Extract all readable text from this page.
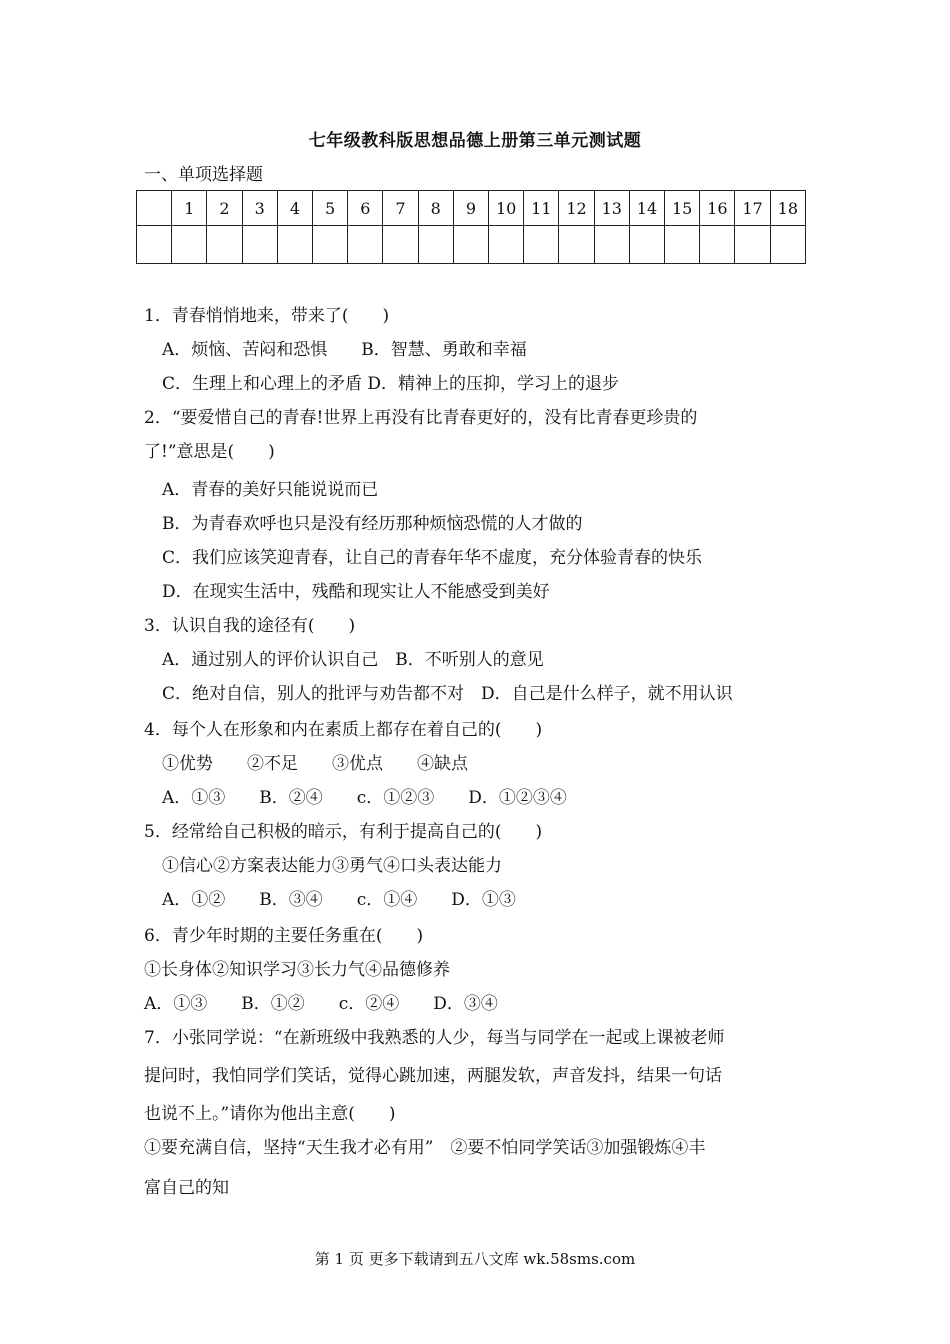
七年级教科版思想品德上册第三单元测试题
一、单项选择题
	1	2	3	4	5	6	7	8	9	10	11	12	13	14	15	16	17	18

1．青春悄悄地来，带来了(　　)
A．烦恼、苦闷和恐惧　　B．智慧、勇敢和幸福
C．生理上和心理上的矛盾 D．精神上的压抑，学习上的退步
2．“要爱惜自己的青春!世界上再没有比青春更好的，没有比青春更珍贵的
了!”意思是(　　)
A．青春的美好只能说说而已
B．为青春欢呼也只是没有经历那种烦恼恐慌的人才做的
C．我们应该笑迎青春，让自己的青春年华不虚度，充分体验青春的快乐
D．在现实生活中，残酷和现实让人不能感受到美好
3．认识自我的途径有(　　)
A．通过别人的评价认识自己　B．不听别人的意见
C．绝对自信，别人的批评与劝告都不对　D．自己是什么样子，就不用认识
4．每个人在形象和内在素质上都存在着自己的(　　)
①优势　　②不足　　③优点　　④缺点
A．①③　　B．②④　　c．①②③　　D．①②③④
5．经常给自己积极的暗示，有利于提高自己的(　　)
①信心②方案表达能力③勇气④口头表达能力
A．①②　　B．③④　　c．①④　　D．①③
6．青少年时期的主要任务重在(　　)
①长身体②知识学习③长力气④品德修养
A．①③　　B．①②　　c．②④　　D．③④
7．小张同学说：“在新班级中我熟悉的人少，每当与同学在一起或上课被老师
提问时，我怕同学们笑话，觉得心跳加速，两腿发软，声音发抖，结果一句话
也说不上。”请你为他出主意(　　)
①要充满自信，坚持“天生我才必有用”　②要不怕同学笑话③加强锻炼④丰
富自己的知
第 1 页 更多下载请到五八文库 wk.58sms.com
